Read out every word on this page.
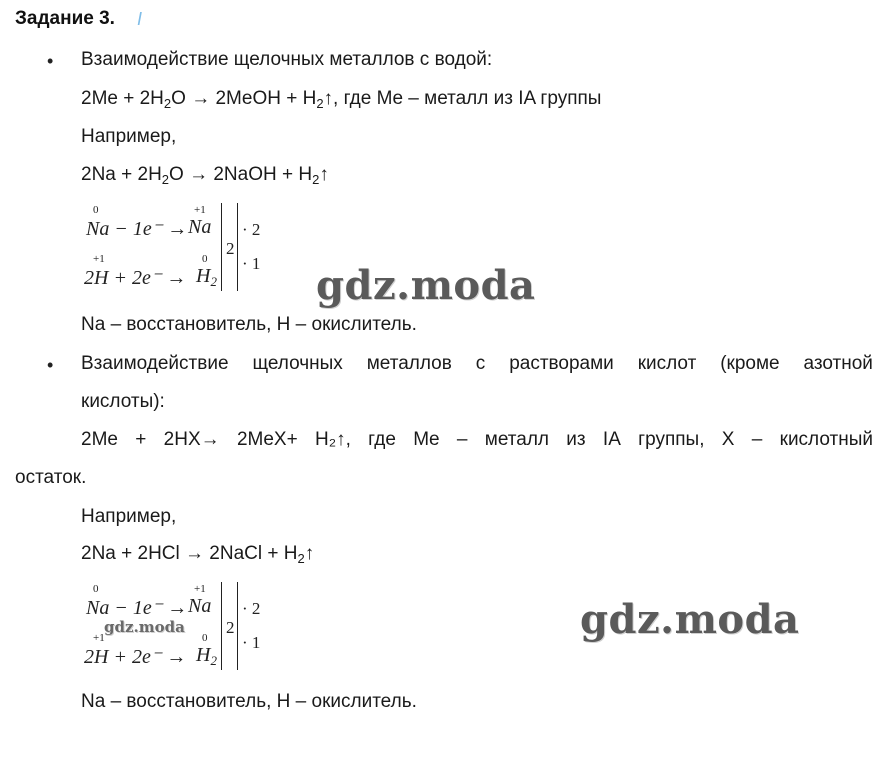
Задание 3. I
• Взаимодействие щелочных металлов с водой:
$2Me + 2H_2O$ → 2MeOH + $H_2↑$, где Me – металл из IA группы
Например,
$2Na + 2H_2O$ → 2NaOH + $H_2↑$
0
Na − 1e⁻ →
+1
Na
+1
2H + 2e⁻ →
0
$H_2$
2
· 2
· 1 gdz.moda
Na – восстановитель, H – окислитель.
• Взаимодействие щелочных металлов с растворами кислот (кроме азотной
кислоты):
2Me + 2HX→ 2MeX+ H₂↑, где Me – металл из IA группы, X – кислотный
остаток.
Например,
2Na + 2HCl → 2NaCl + $H_2↑$
0
Na − 1e⁻ →
+1
Na
+1
2H + 2e⁻ →
0
$H_2$
2
· 2
· 1
gdz.moda	gdz.moda
Na – восстановитель, H – окислитель.
